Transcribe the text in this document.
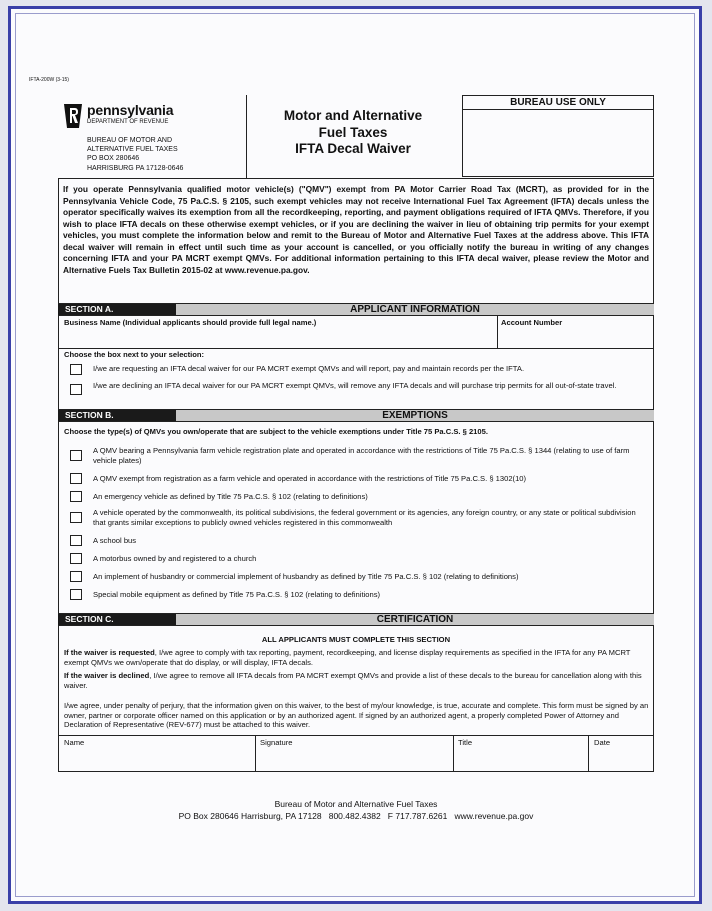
IFTA-200W (3-15)
pennsylvania
DEPARTMENT OF REVENUE
BUREAU OF MOTOR AND
ALTERNATIVE FUEL TAXES
PO BOX 280646
HARRISBURG PA 17128-0646
Motor and Alternative
Fuel Taxes
IFTA Decal Waiver
BUREAU USE ONLY
If you operate Pennsylvania qualified motor vehicle(s) ("QMV") exempt from PA Motor Carrier Road Tax (MCRT), as provided for in the Pennsylvania Vehicle Code, 75 Pa.C.S. § 2105, such exempt vehicles may not receive International Fuel Tax Agreement (IFTA) decals unless the operator specifically waives its exemption from all the recordkeeping, reporting, and payment obligations required of IFTA QMVs. Therefore, if you wish to place IFTA decals on these otherwise exempt vehicles, or if you are declining the waiver in lieu of obtaining trip permits for your exempt vehicles, you must complete the information below and remit to the Bureau of Motor and Alternative Fuel Taxes at the address above. This IFTA decal waiver will remain in effect until such time as your account is cancelled, or you officially notify the bureau in writing of any changes concerning IFTA and your PA MCRT exempt QMVs. For additional information pertaining to this IFTA decal waiver, please review the Motor and Alternative Fuels Tax Bulletin 2015-02 at www.revenue.pa.gov.
SECTION A.	APPLICANT INFORMATION
Business Name (Individual applicants should provide full legal name.)	Account Number
Choose the box next to your selection:
I/we are requesting an IFTA decal waiver for our PA MCRT exempt QMVs and will report, pay and maintain records per the IFTA.
I/we are declining an IFTA decal waiver for our PA MCRT exempt QMVs, will remove any IFTA decals and will purchase trip permits for all out-of-state travel.
SECTION B.	EXEMPTIONS
Choose the type(s) of QMVs you own/operate that are subject to the vehicle exemptions under Title 75 Pa.C.S. § 2105.
A QMV bearing a Pennsylvania farm vehicle registration plate and operated in accordance with the restrictions of Title 75 Pa.C.S. § 1344 (relating to use of farm vehicle plates)
A QMV exempt from registration as a farm vehicle and operated in accordance with the restrictions of Title 75 Pa.C.S. § 1302(10)
An emergency vehicle as defined by Title 75 Pa.C.S. § 102 (relating to definitions)
A vehicle operated by the commonwealth, its political subdivisions, the federal government or its agencies, any foreign country, or any state or political subdivision that grants similar exceptions to publicly owned vehicles registered in this commonwealth
A school bus
A motorbus owned by and registered to a church
An implement of husbandry or commercial implement of husbandry as defined by Title 75 Pa.C.S. § 102 (relating to definitions)
Special mobile equipment as defined by Title 75 Pa.C.S. § 102 (relating to definitions)
SECTION C.	CERTIFICATION
ALL APPLICANTS MUST COMPLETE THIS SECTION
If the waiver is requested, I/we agree to comply with tax reporting, payment, recordkeeping, and license display requirements as specified in the IFTA for any PA MCRT exempt QMVs we own/operate that do display, or will display, IFTA decals.
If the waiver is declined, I/we agree to remove all IFTA decals from PA MCRT exempt QMVs and provide a list of these decals to the bureau for cancellation along with this waiver.
I/we agree, under penalty of perjury, that the information given on this waiver, to the best of my/our knowledge, is true, accurate and complete. This form must be signed by an owner, partner or corporate officer named on this application or by an authorized agent. If signed by an authorized agent, a properly completed Power of Attorney and Declaration of Representative (REV-677) must be attached to this waiver.
Name	Signature	Title	Date
Bureau of Motor and Alternative Fuel Taxes
PO Box 280646 Harrisburg, PA 17128   800.482.4382   F 717.787.6261   www.revenue.pa.gov
